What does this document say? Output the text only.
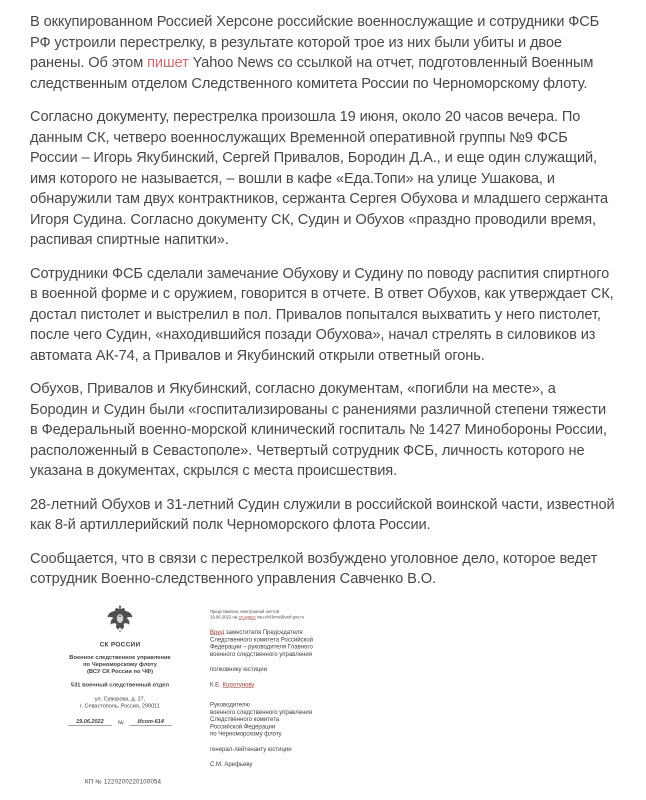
В оккупированном Россией Херсоне российские военнослужащие и сотрудники ФСБ РФ устроили перестрелку, в результате которой трое из них были убиты и двое ранены. Об этом пишет Yahoo News со ссылкой на отчет, подготовленный Военным следственным отделом Следственного комитета России по Черноморскому флоту.

Согласно документу, перестрелка произошла 19 июня, около 20 часов вечера. По данным СК, четверо военнослужащих Временной оперативной группы №9 ФСБ России – Игорь Якубинский, Сергей Привалов, Бородин Д.А., и еще один служащий, имя которого не называется, – вошли в кафе «Еда.Топи» на улице Ушакова, и обнаружили там двух контрактников, сержанта Сергея Обухова и младшего сержанта Игоря Судина. Согласно документу СК, Судин и Обухов «праздно проводили время, распивая спиртные напитки».

Сотрудники ФСБ сделали замечание Обухову и Судину по поводу распития спиртного в военной форме и с оружием, говорится в отчете. В ответ Обухов, как утверждает СК, достал пистолет и выстрелил в пол. Привалов попытался выхватить у него пистолет, после чего Судин, «находившийся позади Обухова», начал стрелять в силовиков из автомата АК-74, а Привалов и Якубинский открыли ответный огонь.

Обухов, Привалов и Якубинский, согласно документам, «погибли на месте», а Бородин и Судин были «госпитализированы с ранениями различной степени тяжести в Федеральный военно-морской клинический госпиталь № 1427 Минобороны России, расположенный в Севастополе». Четвертый сотрудник ФСБ, личность которого не указана в документах, скрылся с места происшествия.

28-летний Обухов и 31-летний Судин служили в российской воинской части, известной как 8-й артиллерийский полк Черноморского флота России.

Сообщается, что в связи с перестрелкой возбуждено уголовное дело, которое ведет сотрудник Военно-следственного управления Савченко В.О.

СК РОССИИ
Военное следственное управление
по Черноморскому флоту
(ВСУ СК России по ЧФ)
531 военный следственный отдел
ул. Суворова, д. 27,
г. Севастополь, Россия, 299011
19.06.2022	№	Исот-614
Представлено электронной почтой
19.06.2022 на эл.адрес vsu-chf-kmo@vsrf.gov.ru
Врид заместителя Председателя
Следственного комитета Российской
Федерации – руководителя Главного
военного следственного управления
полковнику юстиции
К.Е. Коротунову
Руководителю
военного следственного управления
Следственного комитета
Российской Федерации
по Черноморскому флоту
генерал-лейтенанту юстиции
С.М. Арефьеву
КП № 1220200220100054
